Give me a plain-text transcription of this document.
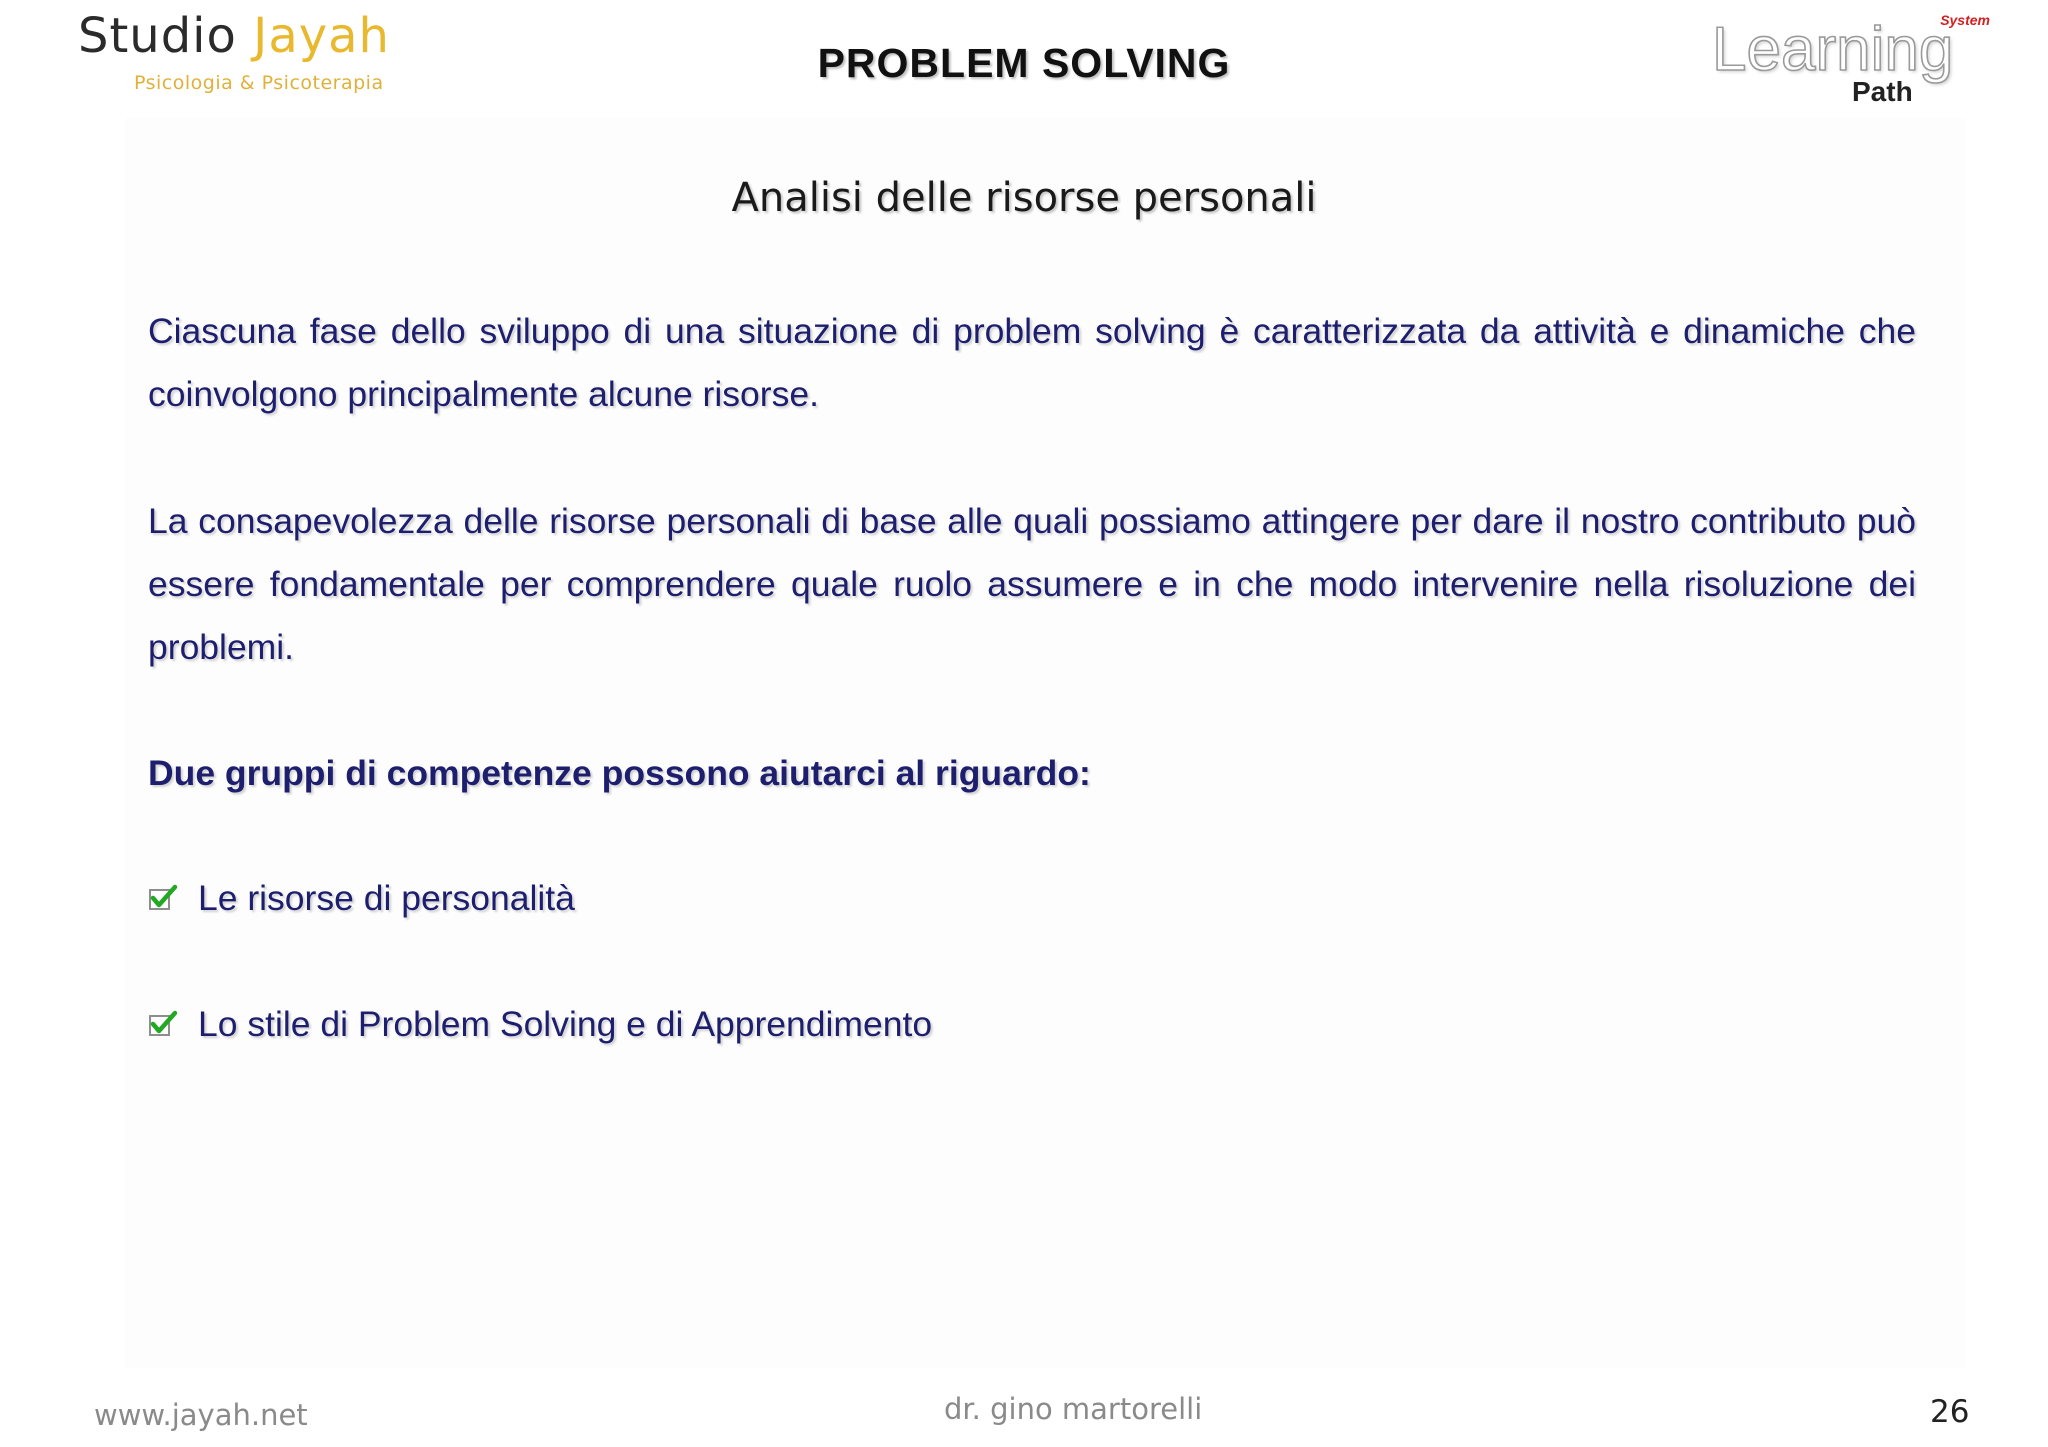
Studio Jayah
Psicologia & Psicoterapia	PROBLEM SOLVING	Learning
System
Path
Analisi delle risorse personali
Ciascuna fase dello sviluppo di una situazione di problem solving è caratterizzata da attività e dinamiche che coinvolgono principalmente alcune risorse.
La consapevolezza delle risorse personali di base alle quali possiamo attingere per dare il nostro contributo può essere fondamentale per comprendere quale ruolo assumere e in che modo intervenire nella risoluzione dei problemi.
Due gruppi di competenze possono aiutarci al riguardo:
Le risorse di personalità
Lo stile di Problem Solving e di Apprendimento
www.jayah.net	dr. gino martorelli	26
